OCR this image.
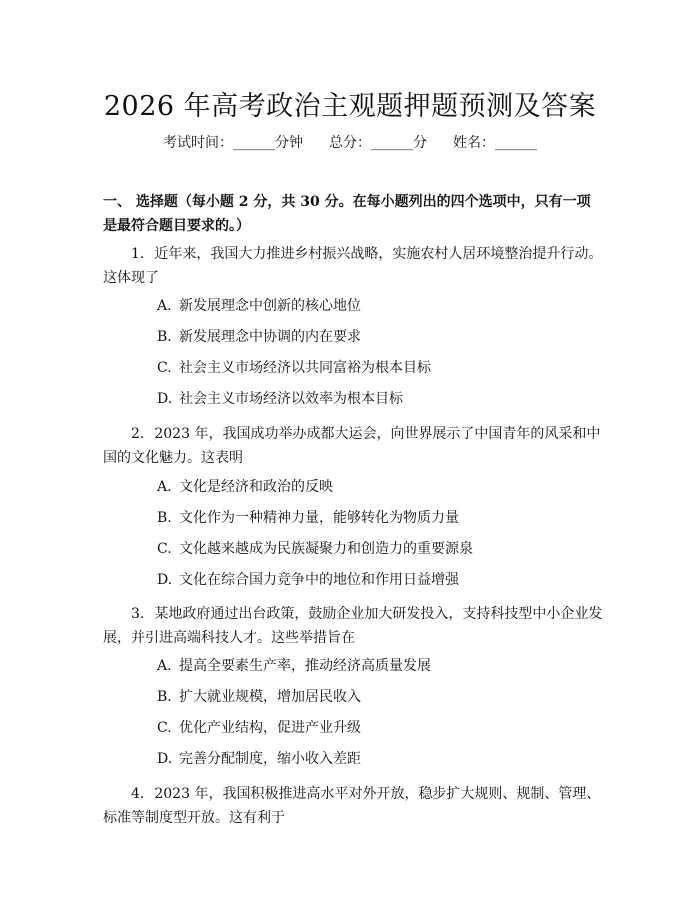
2026 年高考政治主观题押题预测及答案
考试时间：______分钟 总分：______分 姓名：______
一、 选择题（每小题 2 分，共 30 分。在每小题列出的四个选项中，只有一项是最符合题目要求的。）
1. 近年来，我国大力推进乡村振兴战略，实施农村人居环境整治提升行动。这体现了
A. 新发展理念中创新的核心地位
B. 新发展理念中协调的内在要求
C. 社会主义市场经济以共同富裕为根本目标
D. 社会主义市场经济以效率为根本目标
2. 2023 年，我国成功举办成都大运会，向世界展示了中国青年的风采和中国的文化魅力。这表明
A. 文化是经济和政治的反映
B. 文化作为一种精神力量，能够转化为物质力量
C. 文化越来越成为民族凝聚力和创造力的重要源泉
D. 文化在综合国力竞争中的地位和作用日益增强
3. 某地政府通过出台政策，鼓励企业加大研发投入，支持科技型中小企业发展，并引进高端科技人才。这些举措旨在
A. 提高全要素生产率，推动经济高质量发展
B. 扩大就业规模，增加居民收入
C. 优化产业结构，促进产业升级
D. 完善分配制度，缩小收入差距
4. 2023 年，我国积极推进高水平对外开放，稳步扩大规则、规制、管理、标准等制度型开放。这有利于
